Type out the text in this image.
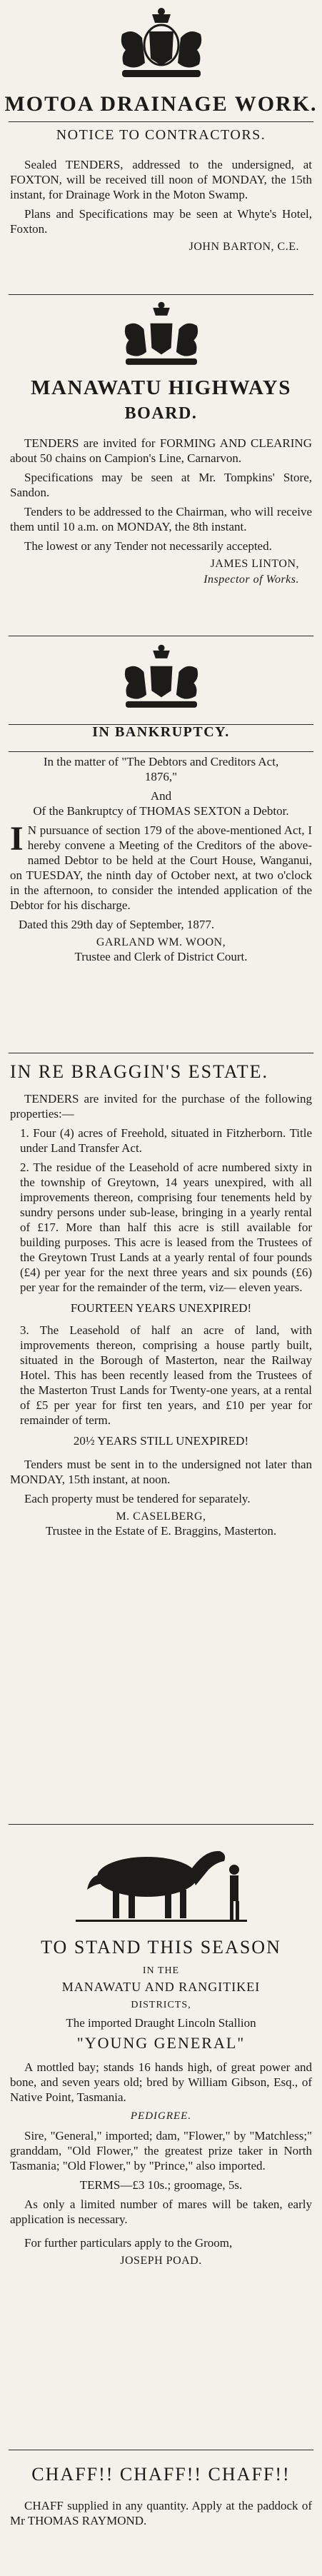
MOTOA DRAINAGE WORK.
NOTICE TO CONTRACTORS.

Sealed TENDERS, addressed to the undersigned, at FOXTON, will be received till noon of MONDAY, the 15th instant, for Drainage Work in the Moton Swamp.

Plans and Specifications may be seen at Whyte's Hotel, Foxton.

JOHN BARTON, C.E.
MANAWATU HIGHWAYS
BOARD.

TENDERS are invited for FORMING AND CLEARING about 50 chains on Campion's Line, Carnarvon.

Specifications may be seen at Mr. Tompkins' Store, Sandon.

Tenders to be addressed to the Chairman, who will receive them until 10 a.m. on MONDAY, the 8th instant.

The lowest or any Tender not necessarily accepted.

JAMES LINTON,
Inspector of Works.
IN BANKRUPTCY.

In the matter of "The Debtors and Creditors Act, 1876,"

And

Of the Bankruptcy of THOMAS SEXTON a Debtor.

I N pursuance of section 179 of the above-mentioned Act, I hereby convene a Meeting of the Creditors of the above-named Debtor to be held at the Court House, Wanganui, on TUESDAY, the ninth day of October next, at two o'clock in the afternoon, to consider the intended application of the Debtor for his discharge.

Dated this 29th day of September, 1877.

GARLAND WM. WOON,
Trustee and Clerk of District Court.
IN RE BRAGGIN'S ESTATE.

TENDERS are invited for the purchase of the following properties:—

1. Four (4) acres of Freehold, situated in Fitzherborn. Title under Land Transfer Act.

2. The residue of the Leasehold of acre numbered sixty in the township of Greytown, 14 years unexpired, with all improvements thereon, comprising four tenements held by sundry persons under sub-lease, bringing in a yearly rental of £17. More than half this acre is still available for building purposes. This acre is leased from the Trustees of the Greytown Trust Lands at a yearly rental of four pounds (£4) per year for the next three years and six pounds (£6) per year for the remainder of the term, viz— eleven years.

FOURTEEN YEARS UNEXPIRED!

3. The Leasehold of half an acre of land, with improvements thereon, comprising a house partly built, situated in the Borough of Masterton, near the Railway Hotel. This has been recently leased from the Trustees of the Masterton Trust Lands for Twenty-one years, at a rental of £5 per year for first ten years, and £10 per year for remainder of term.

20½ YEARS STILL UNEXPIRED!

Tenders must be sent in to the undersigned not later than MONDAY, 15th instant, at noon.

Each property must be tendered for separately.

M. CASELBERG,

Trustee in the Estate of E. Braggins, Masterton.

TO STAND THIS SEASON
IN THE
MANAWATU AND RANGITIKEI
DISTRICTS,
The imported Draught Lincoln Stallion
"YOUNG GENERAL"

A mottled bay; stands 16 hands high, of great power and bone, and seven years old; bred by William Gibson, Esq., of Native Point, Tasmania.

PEDIGREE.

Sire, "General," imported; dam, "Flower," by "Matchless;" granddam, "Old Flower," the greatest prize taker in North Tasmania; "Old Flower," by "Prince," also imported.

TERMS—£3 10s.; groomage, 5s.

As only a limited number of mares will be taken, early application is necessary.

For further particulars apply to the Groom,

JOSEPH POAD.
CHAFF!! CHAFF!! CHAFF!!

CHAFF supplied in any quantity. Apply at the paddock of Mr THOMAS RAYMOND.
